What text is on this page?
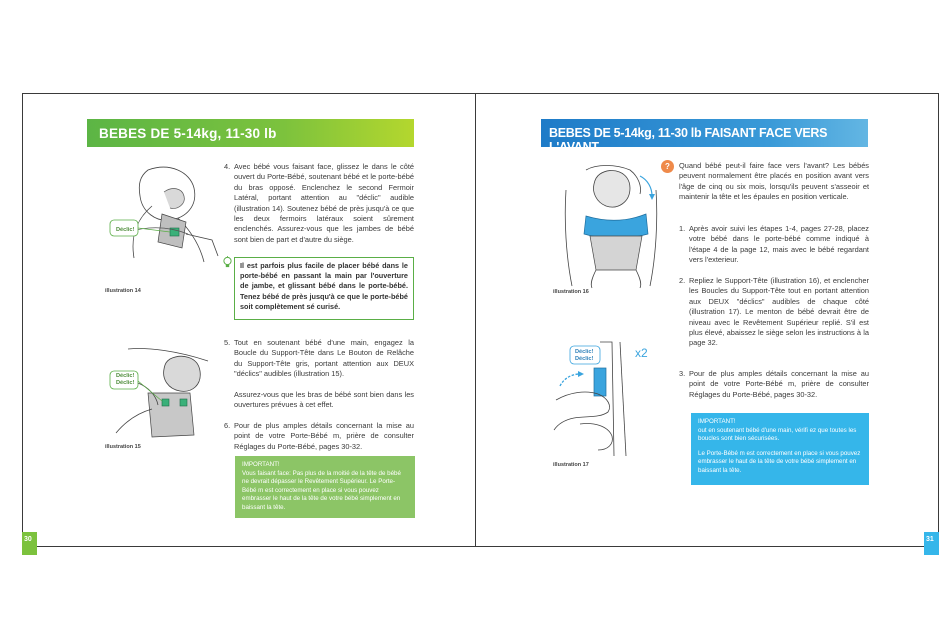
30	31
BEBES DE 5-14kg, 11-30 lb
Déclic!
illustration 14
Déclic!
Déclic!
illustration 15
4. Avec bébé vous faisant face, glissez le dans le côté ouvert du Porte-Bébé, soutenant bébé et le porte-bébé du bras opposé. Enclenchez le second Fermoir Latéral, portant attention au "déclic" audible (illustration 14). Soutenez bébé de près jusqu'à ce que les deux fermoirs latéraux soient sûrement enclenchés. Assurez-vous que les jambes de bébé sont bien de part et d'autre du siège.
Il est parfois plus facile de placer bébé dans le porte-bébé en passant la main par l'ouverture de jambe, et glissant bébé dans le porte-bébé. Tenez bébé de près jusqu'à ce que le porte-bébé soit complètement sé curisé.
5. Tout en soutenant bébé d'une main, engagez la Boucle du Support-Tête dans Le Bouton de Relâche du Support-Tête gris, portant attention aux DEUX "déclics" audibles (illustration 15).
Assurez-vous que les bras de bébé sont bien dans les ouvertures prévues à cet effet.
6. Pour de plus amples détails concernant la mise au point de votre Porte-Bébé m, prière de consulter Réglages du Porte-Bébé, pages 30-32.
IMPORTANT!
Vous faisant face: Pas plus de la moitié de la tête de bébé ne devrait dépasser le Revêtement Supérieur. Le Porte-Bébé m est correctement en place si vous pouvez embrasser le haut de la tête de votre bébé simplement en baissant la tête.
BEBES DE 5-14kg, 11-30 lb FAISANT FACE VERS L'AVANT
illustration 16
Déclic!
Déclic!	x2
illustration 17
?	Quand bébé peut-il faire face vers l'avant? Les bébés peuvent normalement être placés en position avant vers l'âge de cinq ou six mois, lorsqu'ils peuvent s'asseoir et maintenir la tête et les épaules en position verticale.
1. Après avoir suivi les étapes 1-4, pages 27-28, placez votre bébé dans le porte-bébé comme indiqué à l'étape 4 de la page 12, mais avec le bébé regardant vers l'exterieur.
2. Repliez le Support-Tête (illustration 16), et enclencher les Boucles du Support-Tête tout en portant attention aux DEUX "déclics" audibles de chaque côté (illustration 17). Le menton de bébé devrait être de niveau avec le Revêtement Supérieur replié. S'il est plus élevé, abaissez le siège selon les instructions à la page 32.
3. Pour de plus amples détails concernant la mise au point de votre Porte-Bébé m, prière de consulter Réglages du Porte-Bébé, pages 30-32.
IMPORTANT!
out en soutenant bébé d'une main, vérifi ez que toutes les boucles sont bien sécurisées.
Le Porte-Bébé m est correctement en place si vous pouvez embrasser le haut de la tête de votre bébé simplement en baissant la tête.
